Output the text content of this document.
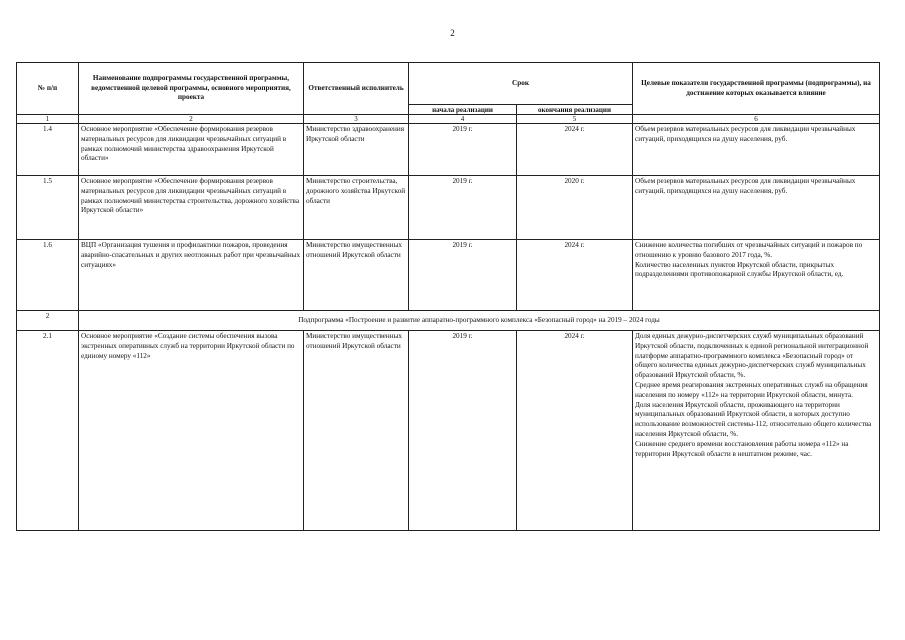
2
№ п/п	Наименование подпрограммы государственной программы, ведомственной целевой программы, основного мероприятия, проекта	Ответственный исполнитель	Срок		Целевые показатели государственной программы (подпрограммы), на достижение которых оказывается влияние
			начала реализации	окончания реализации	
1	2	3	4	5	6
1.4	Основное мероприятие «Обеспечение формирования резервов материальных ресурсов для ликвидации чрезвычайных ситуаций в рамках полномочий министерства здравоохранения Иркутской области»	Министерство здравоохранения Иркутской области	2019 г.	2024 г.	Объем резервов материальных ресурсов для ликвидации чрезвычайных ситуаций, приходящихся на душу населения, руб.
1.5	Основное мероприятие «Обеспечение формирования резервов материальных ресурсов для ликвидации чрезвычайных ситуаций в рамках полномочий министерства строительства, дорожного хозяйства Иркутской области»	Министерство строительства, дорожного хозяйства Иркутской области	2019 г.	2020 г.	Объем резервов материальных ресурсов для ликвидации чрезвычайных ситуаций, приходящихся на душу населения, руб.
1.6	ВЦП «Организация тушения и профилактики пожаров, проведения аварийно-спасательных и других неотложных работ при чрезвычайных ситуациях»	Министерство имущественных отношений Иркутской области	2019 г.	2024 г.	Снижение количества погибших от чрезвычайных ситуаций и пожаров по отношению к уровню базового 2017 года, %.
Количество населенных пунктов Иркутской области, прикрытых подразделениями противопожарной службы Иркутской области, ед.
2	Подпрограмма «Построение и развитие аппаратно-программного комплекса «Безопасный город» на 2019 – 2024 годы				
2.1	Основное мероприятие «Создание системы обеспечения вызова экстренных оперативных служб на территории Иркутской области по единому номеру «112»	Министерство имущественных отношений Иркутской области	2019 г.	2024 г.	Доля единых дежурно-диспетчерских служб муниципальных образований Иркутской области, подключенных к единой региональной интеграционной платформе аппаратно-программного комплекса «Безопасный город» от общего количества единых дежурно-диспетчерских служб муниципальных образований Иркутской области, %.
Среднее время реагирования экстренных оперативных служб на обращения населения по номеру «112» на территории Иркутской области, минута.
Доля населения Иркутской области, проживающего на территории муниципальных образований Иркутской области, в которых доступно использование возможностей системы-112, относительно общего количества населения Иркутской области, %.
Снижение среднего времени восстановления работы номера «112» на территории Иркутской области в нештатном режиме, час.
